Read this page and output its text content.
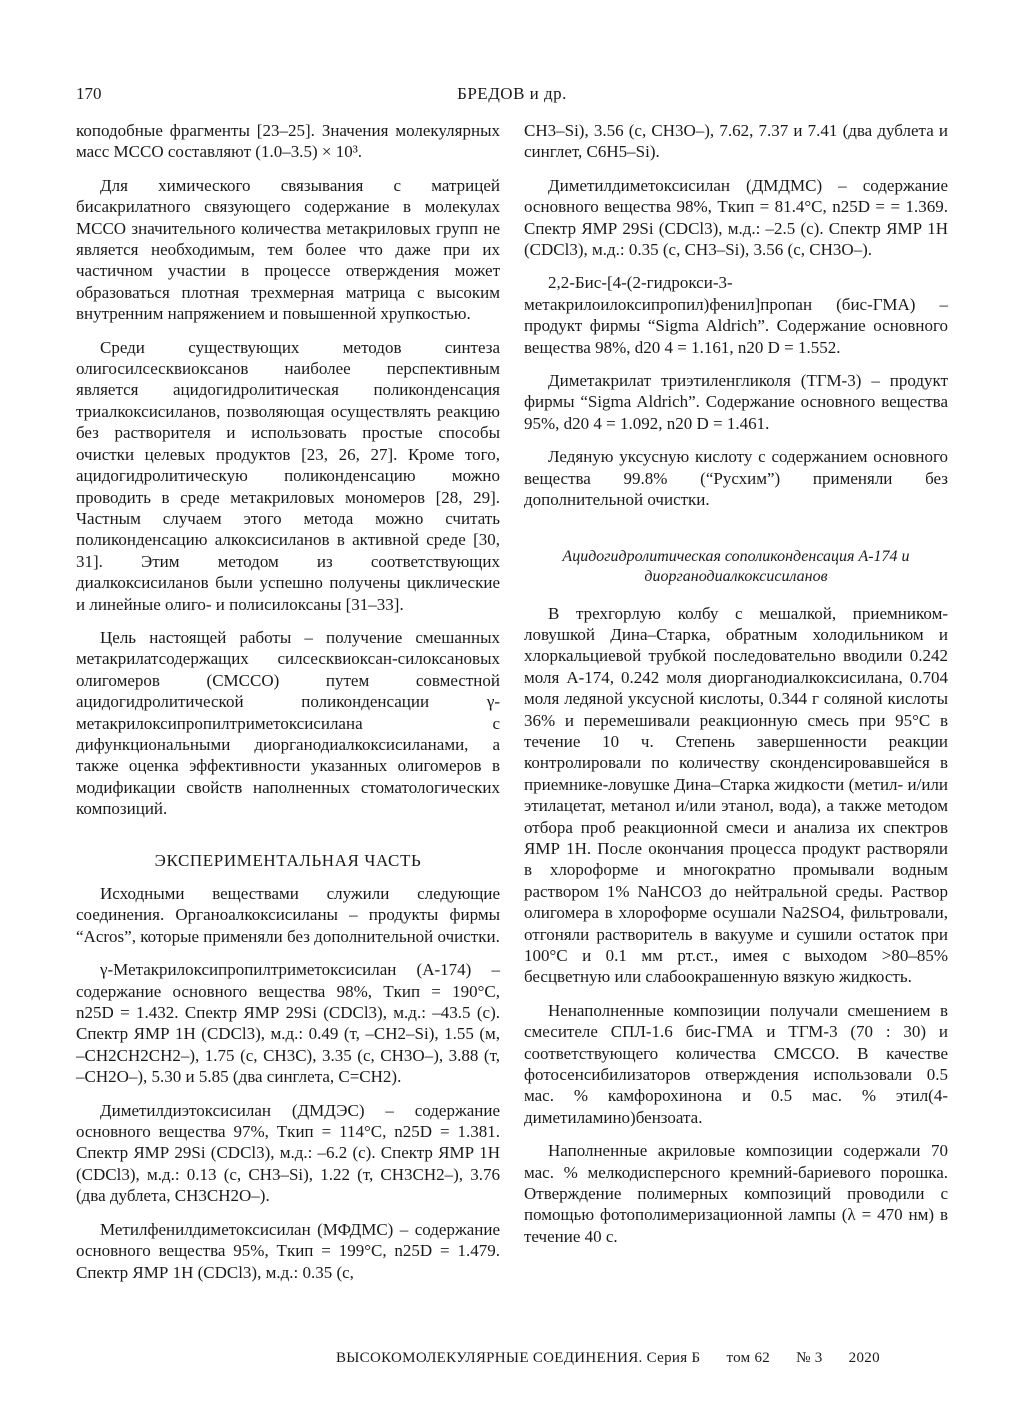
170	БРЕДОВ и др.

коподобные фрагменты [23–25]. Значения молекулярных масс МССО составляют (1.0–3.5) × 10³.

Для химического связывания с матрицей бисакрилатного связующего содержание в молекулах МССО значительного количества метакриловых групп не является необходимым, тем более что даже при их частичном участии в процессе отверждения может образоваться плотная трехмерная матрица с высоким внутренним напряжением и повышенной хрупкостью.

Среди существующих методов синтеза олигосилсесквиоксанов наиболее перспективным является ацидогидролитическая поликонденсация триалкоксисиланов, позволяющая осуществлять реакцию без растворителя и использовать простые способы очистки целевых продуктов [23, 26, 27]. Кроме того, ацидогидролитическую поликонденсацию можно проводить в среде метакриловых мономеров [28, 29]. Частным случаем этого метода можно считать поликонденсацию алкоксисиланов в активной среде [30, 31]. Этим методом из соответствующих диалкоксисиланов были успешно получены циклические и линейные олиго- и полисилоксаны [31–33].

Цель настоящей работы – получение смешанных метакрилатсодержащих силсесквиоксан-силоксановых олигомеров (СМССО) путем совместной ацидогидролитической поликонденсации γ-метакрилоксипропилтриметоксисилана с дифункциональными диорганодиалкоксисиланами, а также оценка эффективности указанных олигомеров в модификации свойств наполненных стоматологических композиций.

ЭКСПЕРИМЕНТАЛЬНАЯ ЧАСТЬ

Исходными веществами служили следующие соединения. Органоалкоксисиланы – продукты фирмы “Acros”, которые применяли без дополнительной очистки.

γ-Метакрилоксипропилтриметоксисилан (А-174) – содержание основного вещества 98%, Tкип = 190°C, n25D = 1.432. Спектр ЯМР 29Si (CDCl3), м.д.: –43.5 (с). Спектр ЯМР 1H (CDCl3), м.д.: 0.49 (т, –CH2–Si), 1.55 (м, –CH2CH2CH2–), 1.75 (с, CH3C), 3.35 (с, CH3O–), 3.88 (т, –CH2O–), 5.30 и 5.85 (два синглета, C=CH2).

Диметилдиэтоксисилан (ДМДЭС) – содержание основного вещества 97%, Tкип = 114°C, n25D = 1.381. Спектр ЯМР 29Si (CDCl3), м.д.: –6.2 (с). Спектр ЯМР 1H (CDCl3), м.д.: 0.13 (с, CH3–Si), 1.22 (т, CH3CH2–), 3.76 (два дублета, CH3CH2O–).

Метилфенилдиметоксисилан (МФДМС) – содержание основного вещества 95%, Tкип = 199°C, n25D = 1.479. Спектр ЯМР 1H (CDCl3), м.д.: 0.35 (с,

CH3–Si), 3.56 (с, CH3O–), 7.62, 7.37 и 7.41 (два дублета и синглет, C6H5–Si).

Диметилдиметоксисилан (ДМДМС) – содержание основного вещества 98%, Tкип = 81.4°C, n25D = = 1.369. Спектр ЯМР 29Si (CDCl3), м.д.: –2.5 (с). Спектр ЯМР 1H (CDCl3), м.д.: 0.35 (с, CH3–Si), 3.56 (с, CH3O–).

2,2-Бис-[4-(2-гидрокси-3-метакрилоилоксипропил)фенил]пропан (бис-ГМА) – продукт фирмы “Sigma Aldrich”. Содержание основного вещества 98%, d20 4 = 1.161, n20 D = 1.552.

Диметакрилат триэтиленгликоля (ТГМ-3) – продукт фирмы “Sigma Aldrich”. Содержание основного вещества 95%, d20 4 = 1.092, n20 D = 1.461.

Ледяную уксусную кислоту с содержанием основного вещества 99.8% (“Русхим”) применяли без дополнительной очистки.

Ацидогидролитическая сополиконденсация А-174 и диорганодиалкоксисиланов

В трехгорлую колбу с мешалкой, приемником-ловушкой Дина–Старка, обратным холодильником и хлоркальциевой трубкой последовательно вводили 0.242 моля А-174, 0.242 моля диорганодиалкоксисилана, 0.704 моля ледяной уксусной кислоты, 0.344 г соляной кислоты 36% и перемешивали реакционную смесь при 95°C в течение 10 ч. Степень завершенности реакции контролировали по количеству сконденсировавшейся в приемнике-ловушке Дина–Старка жидкости (метил- и/или этилацетат, метанол и/или этанол, вода), а также методом отбора проб реакционной смеси и анализа их спектров ЯМР 1H. После окончания процесса продукт растворяли в хлороформе и многократно промывали водным раствором 1% NaHCO3 до нейтральной среды. Раствор олигомера в хлороформе осушали Na2SO4, фильтровали, отгоняли растворитель в вакууме и сушили остаток при 100°C и 0.1 мм рт.ст., имея с выходом >80–85% бесцветную или слабоокрашенную вязкую жидкость.

Ненаполненные композиции получали смешением в смесителе СПЛ-1.6 бис-ГМА и ТГМ-3 (70 : 30) и соответствующего количества СМССО. В качестве фотосенсибилизаторов отверждения использовали 0.5 мас. % камфорохинона и 0.5 мас. % этил(4-диметиламино)бензоата.

Наполненные акриловые композиции содержали 70 мас. % мелкодисперсного кремний-бариевого порошка. Отверждение полимерных композиций проводили с помощью фотополимеризационной лампы (λ = 470 нм) в течение 40 с.

ВЫСОКОМОЛЕКУЛЯРНЫЕ СОЕДИНЕНИЯ. Серия Б том 62 № 3 2020
